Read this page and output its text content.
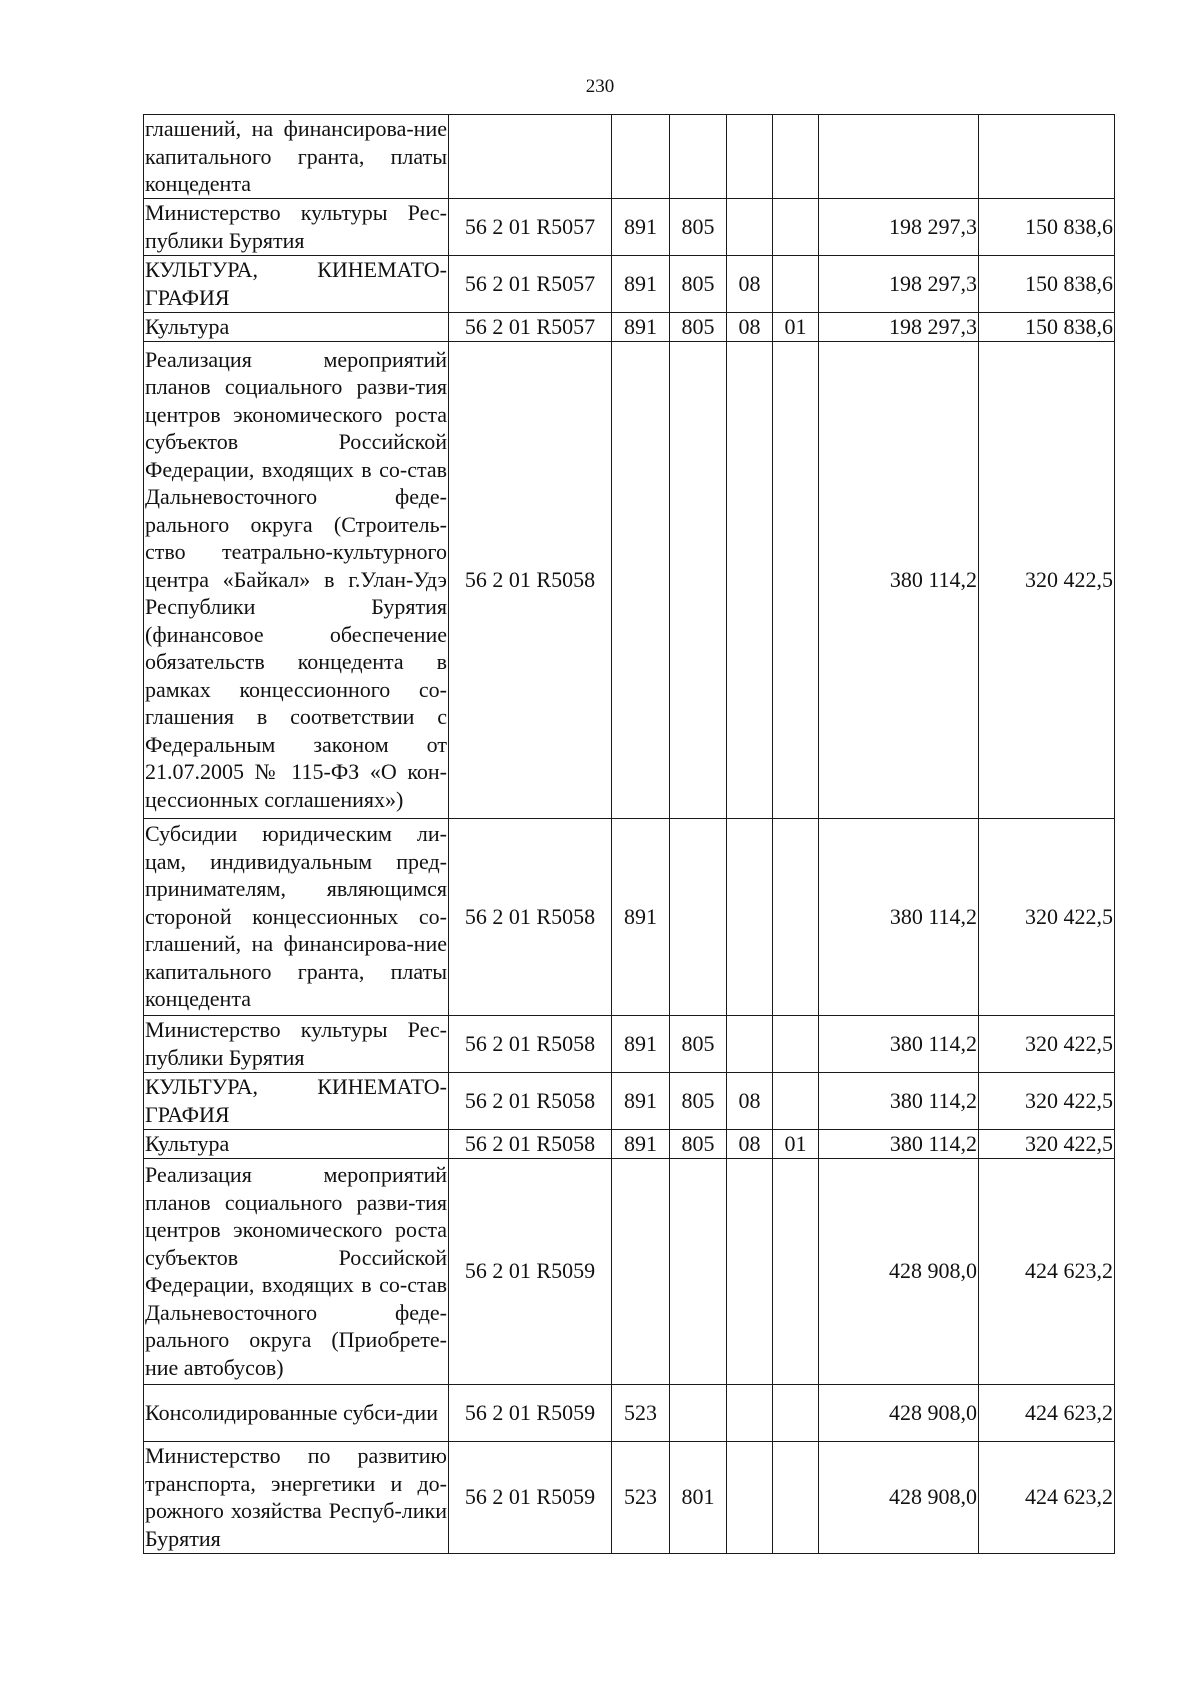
230
глашений, на финансирова-ние капитального гранта, платы концедента							
Министерство культуры Рес-публики Бурятия	56 2 01 R5057	891	805			198 297,3	150 838,6
КУЛЬТУРА, КИНЕМАТО-ГРАФИЯ	56 2 01 R5057	891	805	08		198 297,3	150 838,6
Культура	56 2 01 R5057	891	805	08	01	198 297,3	150 838,6
Реализация мероприятий планов социального разви-тия центров экономического роста субъектов Российской Федерации, входящих в со-став Дальневосточного феде-рального округа (Строитель-ство театрально-культурного центра «Байкал» в г.Улан-Удэ Республики Бурятия (финансовое обеспечение обязательств концедента в рамках концессионного со-глашения в соответствии с Федеральным законом от 21.07.2005 № 115-ФЗ «О кон-цессионных соглашениях»)	56 2 01 R5058					380 114,2	320 422,5
Субсидии юридическим ли-цам, индивидуальным пред-принимателям, являющимся стороной концессионных со-глашений, на финансирова-ние капитального гранта, платы концедента	56 2 01 R5058	891				380 114,2	320 422,5
Министерство культуры Рес-публики Бурятия	56 2 01 R5058	891	805			380 114,2	320 422,5
КУЛЬТУРА, КИНЕМАТО-ГРАФИЯ	56 2 01 R5058	891	805	08		380 114,2	320 422,5
Культура	56 2 01 R5058	891	805	08	01	380 114,2	320 422,5
Реализация мероприятий планов социального разви-тия центров экономического роста субъектов Российской Федерации, входящих в со-став Дальневосточного феде-рального округа (Приобрете-ние автобусов)	56 2 01 R5059					428 908,0	424 623,2
Консолидированные субси-дии	56 2 01 R5059	523				428 908,0	424 623,2
Министерство по развитию транспорта, энергетики и до-рожного хозяйства Респуб-лики Бурятия	56 2 01 R5059	523	801			428 908,0	424 623,2
